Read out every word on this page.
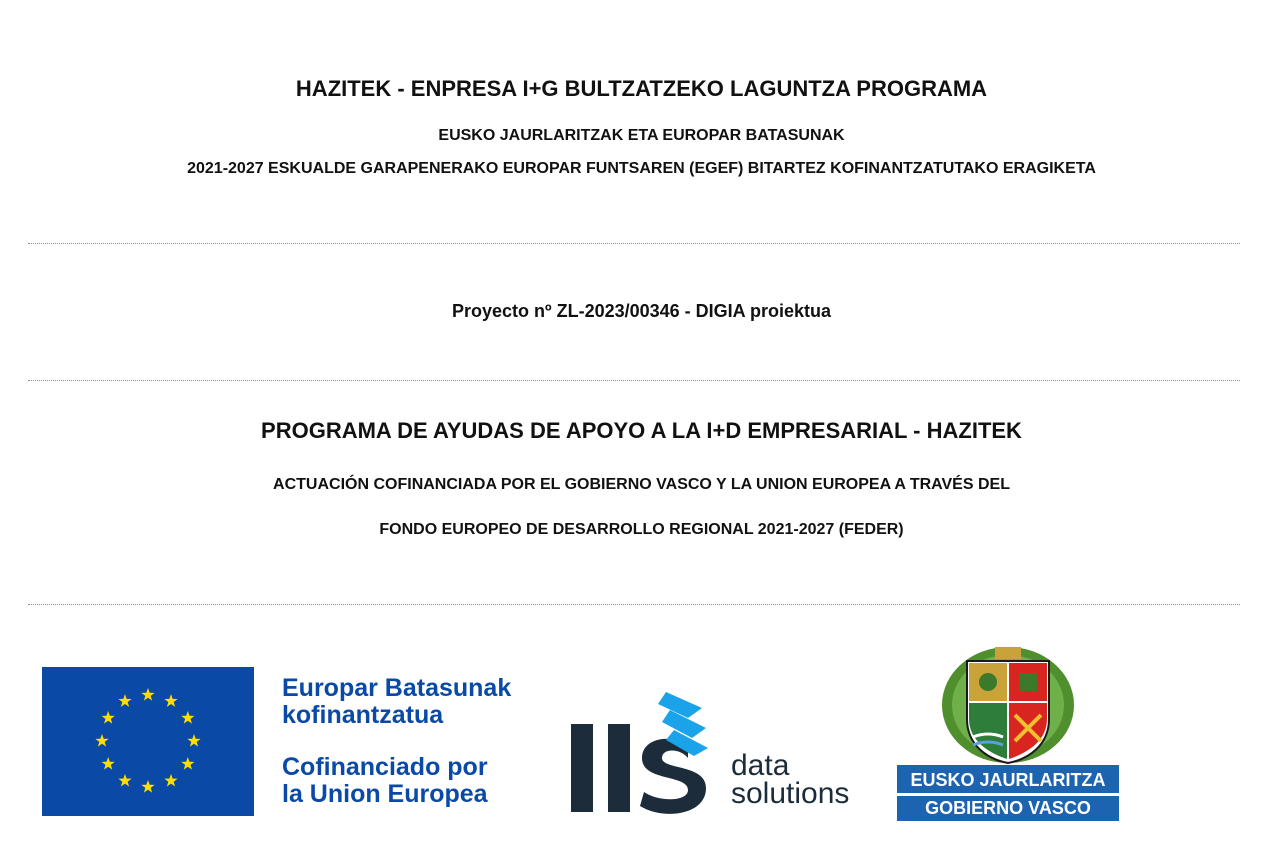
HAZITEK - ENPRESA I+G BULTZATZEKO LAGUNTZA PROGRAMA

EUSKO JAURLARITZAK ETA EUROPAR BATASUNAK

2021-2027 ESKUALDE GARAPENERAKO EUROPAR FUNTSAREN (EGEF) BITARTEZ KOFINANTZATUTAKO ERAGIKETA

Proyecto nº ZL-2023/00346 - DIGIA proiektua

PROGRAMA DE AYUDAS DE APOYO A LA I+D EMPRESARIAL - HAZITEK

ACTUACIÓN COFINANCIADA POR EL GOBIERNO VASCO Y LA UNION EUROPEA A TRAVÉS DEL

FONDO EUROPEO DE DESARROLLO REGIONAL 2021-2027 (FEDER)

Europar Batasunak
kofinantzatua
Cofinanciado por
la Union Europea
data
solutions	EUSKO JAURLARITZA
GOBIERNO VASCO
